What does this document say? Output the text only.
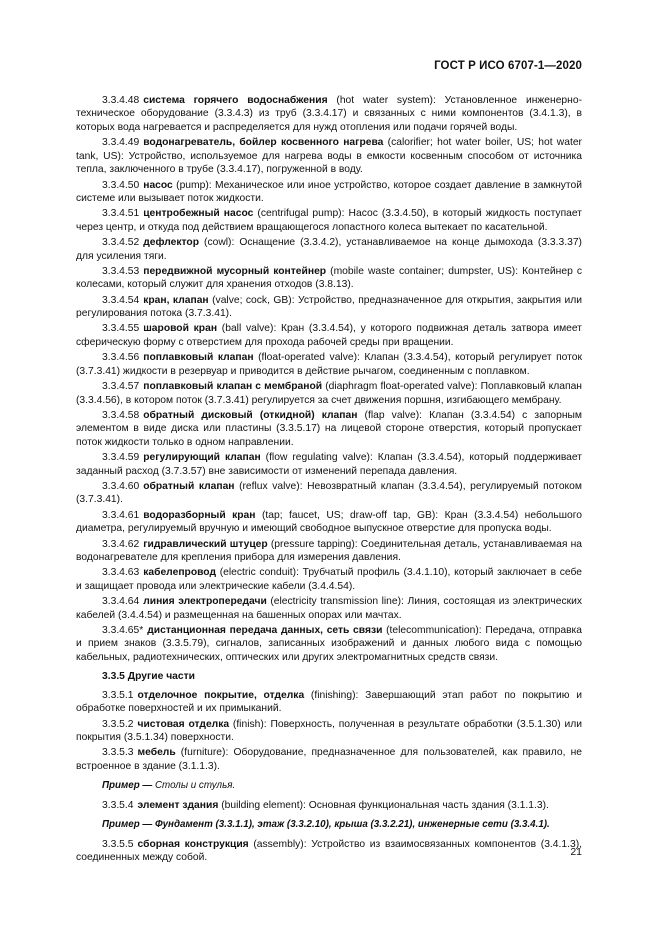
ГОСТ Р ИСО 6707-1—2020

3.3.4.48 система горячего водоснабжения (hot water system): Установленное инженерно-техническое оборудование (3.3.4.3) из труб (3.3.4.17) и связанных с ними компонентов (3.4.1.3), в которых вода нагревается и распределяется для нужд отопления или подачи горячей воды.

3.3.4.49 водонагреватель, бойлер косвенного нагрева (calorifier; hot water boiler, US; hot water tank, US): Устройство, используемое для нагрева воды в емкости косвенным способом от источника тепла, заключенного в трубе (3.3.4.17), погруженной в воду.

3.3.4.50 насос (pump): Механическое или иное устройство, которое создает давление в замкнутой системе или вызывает поток жидкости.

3.3.4.51 центробежный насос (centrifugal pump): Насос (3.3.4.50), в который жидкость поступает через центр, и откуда под действием вращающегося лопастного колеса вытекает по касательной.

3.3.4.52 дефлектор (cowl): Оснащение (3.3.4.2), устанавливаемое на конце дымохода (3.3.3.37) для усиления тяги.

3.3.4.53 передвижной мусорный контейнер (mobile waste container; dumpster, US): Контейнер с колесами, который служит для хранения отходов (3.8.13).

3.3.4.54 кран, клапан (valve; cock, GB): Устройство, предназначенное для открытия, закрытия или регулирования потока (3.7.3.41).

3.3.4.55 шаровой кран (ball valve): Кран (3.3.4.54), у которого подвижная деталь затвора имеет сферическую форму с отверстием для прохода рабочей среды при вращении.

3.3.4.56 поплавковый клапан (float-operated valve): Клапан (3.3.4.54), который регулирует поток (3.7.3.41) жидкости в резервуар и приводится в действие рычагом, соединенным с поплавком.

3.3.4.57 поплавковый клапан с мембраной (diaphragm float-operated valve): Поплавковый клапан (3.3.4.56), в котором поток (3.7.3.41) регулируется за счет движения поршня, изгибающего мембрану.

3.3.4.58 обратный дисковый (откидной) клапан (flap valve): Клапан (3.3.4.54) с запорным элементом в виде диска или пластины (3.3.5.17) на лицевой стороне отверстия, который пропускает поток жидкости только в одном направлении.

3.3.4.59 регулирующий клапан (flow regulating valve): Клапан (3.3.4.54), который поддерживает заданный расход (3.7.3.57) вне зависимости от изменений перепада давления.

3.3.4.60 обратный клапан (reflux valve): Невозвратный клапан (3.3.4.54), регулируемый потоком (3.7.3.41).

3.3.4.61 водоразборный кран (tap; faucet, US; draw-off tap, GB): Кран (3.3.4.54) небольшого диаметра, регулируемый вручную и имеющий свободное выпускное отверстие для пропуска воды.

3.3.4.62 гидравлический штуцер (pressure tapping): Соединительная деталь, устанавливаемая на водонагревателе для крепления прибора для измерения давления.

3.3.4.63 кабелепровод (electric conduit): Трубчатый профиль (3.4.1.10), который заключает в себе и защищает провода или электрические кабели (3.4.4.54).

3.3.4.64 линия электропередачи (electricity transmission line): Линия, состоящая из электрических кабелей (3.4.4.54) и размещенная на башенных опорах или мачтах.

3.3.4.65* дистанционная передача данных, сеть связи (telecommunication): Передача, отправка и прием знаков (3.3.5.79), сигналов, записанных изображений и данных любого вида с помощью кабельных, радиотехнических, оптических или других электромагнитных средств связи.

3.3.5 Другие части

3.3.5.1 отделочное покрытие, отделка (finishing): Завершающий этап работ по покрытию и обработке поверхностей и их примыканий.

3.3.5.2 чистовая отделка (finish): Поверхность, полученная в результате обработки (3.5.1.30) или покрытия (3.5.1.34) поверхности.

3.3.5.3 мебель (furniture): Оборудование, предназначенное для пользователей, как правило, не встроенное в здание (3.1.1.3).

Пример — Столы и стулья.

3.3.5.4 элемент здания (building element): Основная функциональная часть здания (3.1.1.3).

Пример — Фундамент (3.3.1.1), этаж (3.3.2.10), крыша (3.3.2.21), инженерные сети (3.3.4.1).

3.3.5.5 сборная конструкция (assembly): Устройство из взаимосвязанных компонентов (3.4.1.3), соединенных между собой.	21
